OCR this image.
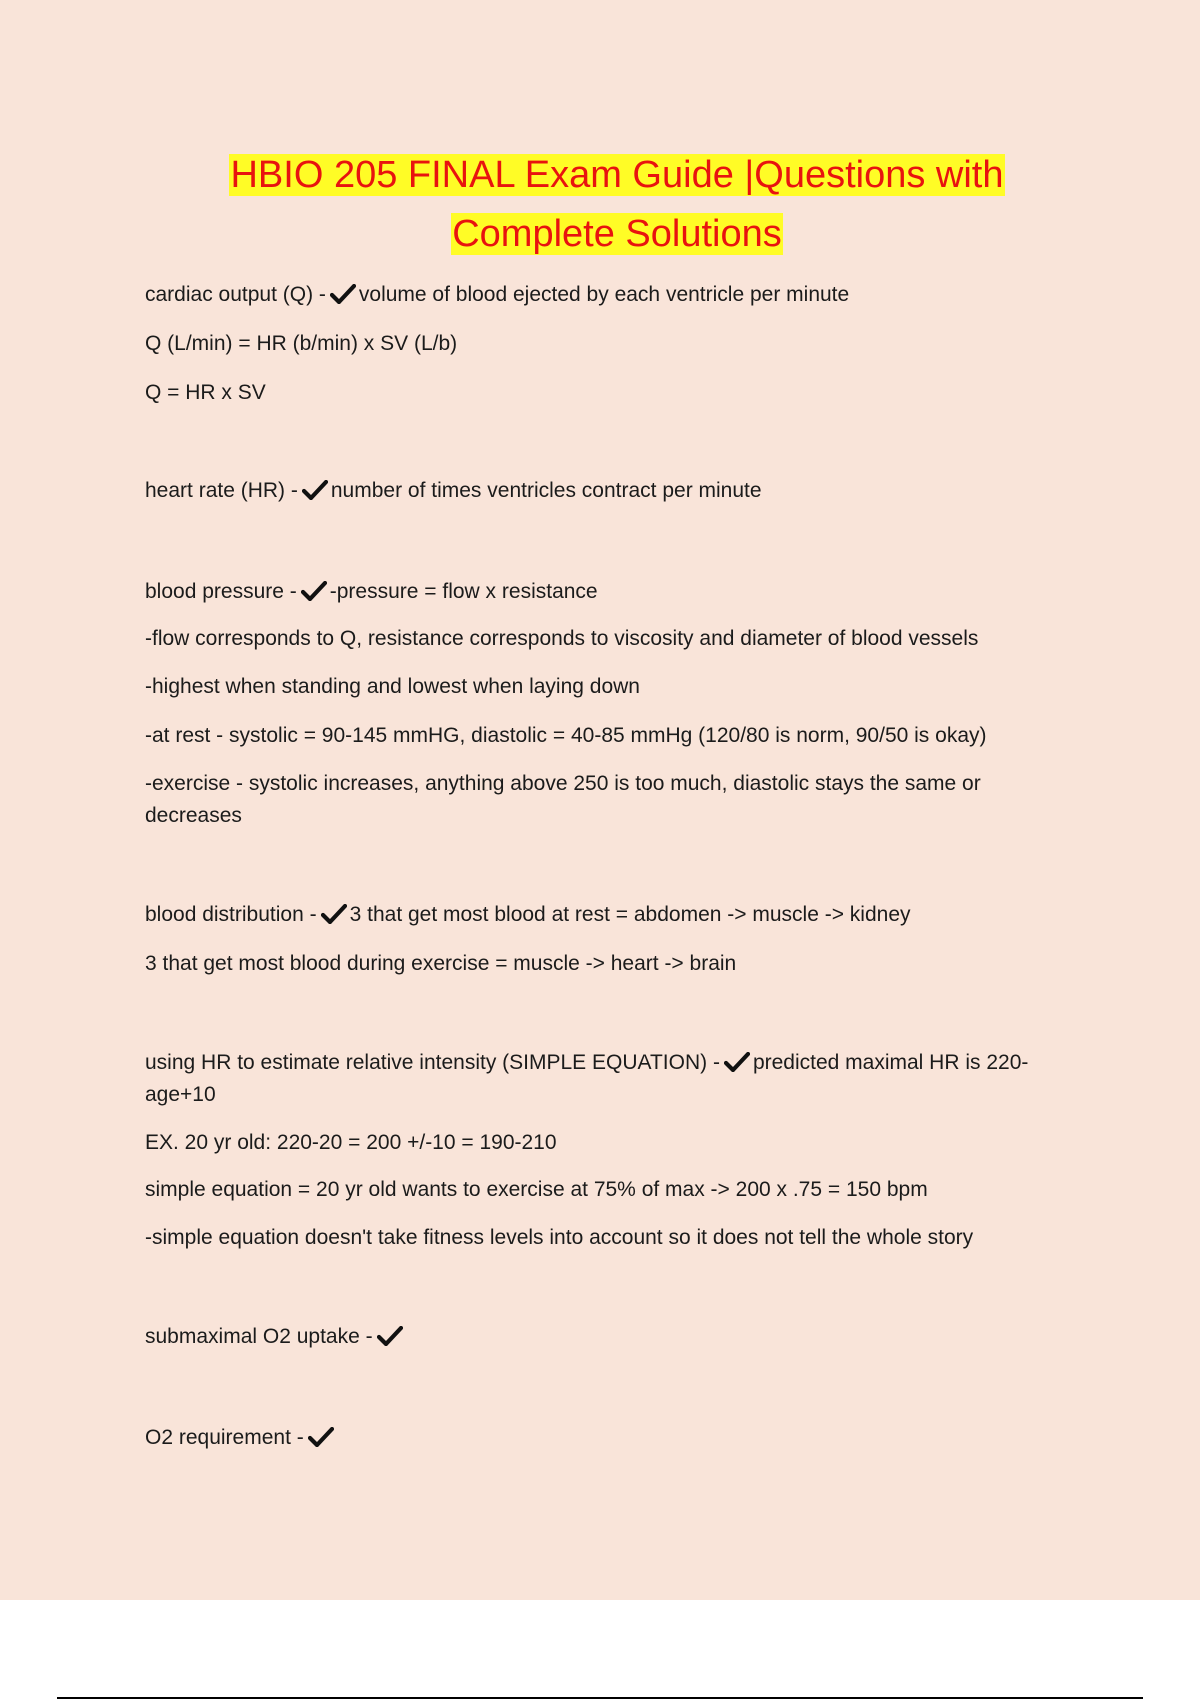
HBIO 205 FINAL Exam Guide |Questions with
Complete Solutions
cardiac output (Q) - volume of blood ejected by each ventricle per minute
Q (L/min) = HR (b/min) x SV (L/b)
Q = HR x SV
heart rate (HR) - number of times ventricles contract per minute
blood pressure - -pressure = flow x resistance
-flow corresponds to Q, resistance corresponds to viscosity and diameter of blood vessels
-highest when standing and lowest when laying down
-at rest - systolic = 90-145 mmHG, diastolic = 40-85 mmHg (120/80 is norm, 90/50 is okay)
-exercise - systolic increases, anything above 250 is too much, diastolic stays the same or decreases
blood distribution - 3 that get most blood at rest = abdomen -> muscle -> kidney
3 that get most blood during exercise = muscle -> heart -> brain
using HR to estimate relative intensity (SIMPLE EQUATION) - predicted maximal HR is 220-age+10
EX. 20 yr old: 220-20 = 200 +/-10 = 190-210
simple equation = 20 yr old wants to exercise at 75% of max -> 200 x .75 = 150 bpm
-simple equation doesn't take fitness levels into account so it does not tell the whole story
submaximal O2 uptake -
O2 requirement -
